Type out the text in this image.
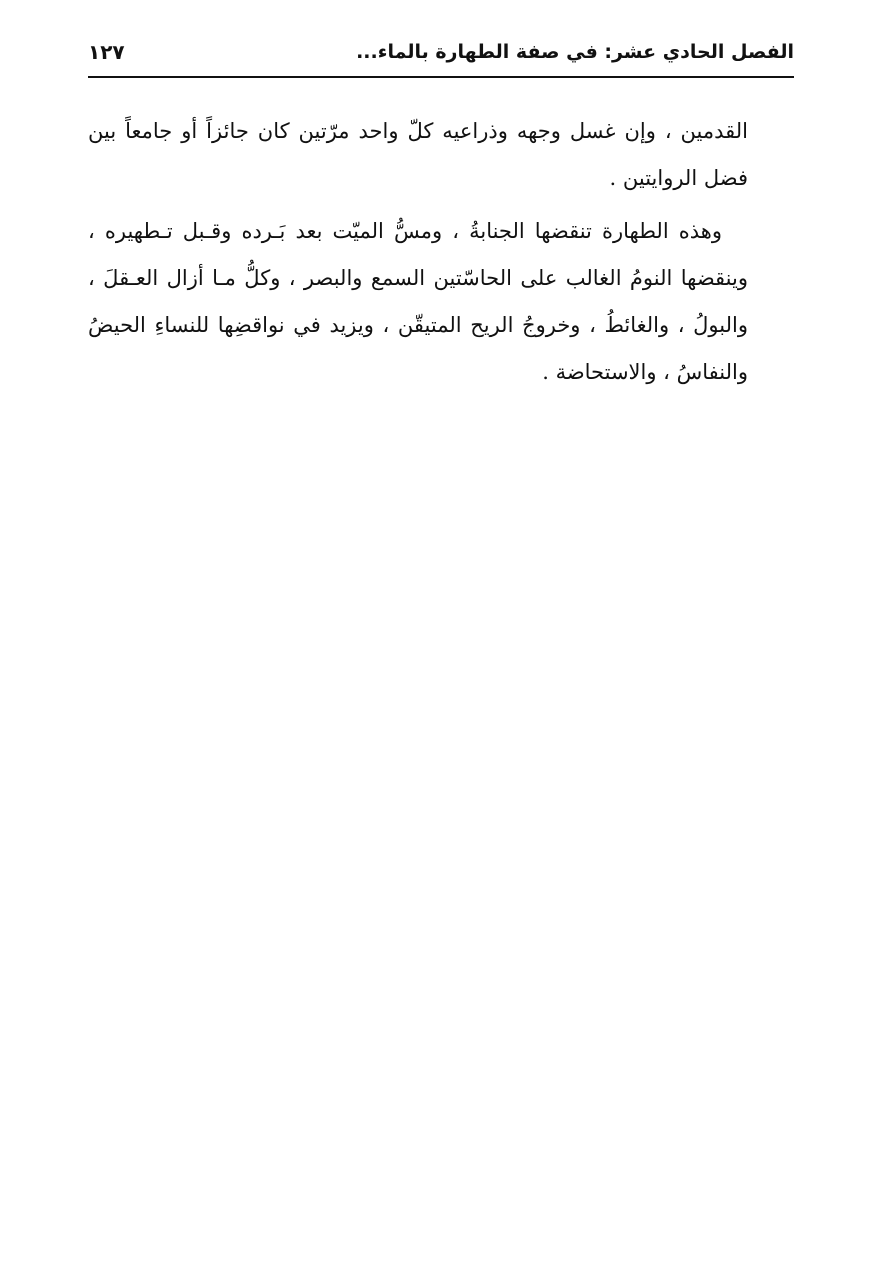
الفصل الحادي عشر: في صفة الطهارة بالماء...
١٢٧
القدمين ، وإن غسل وجهه وذراعيه كلّ واحد مرّتين كان جائزاً أو جامعاً بين
فضل الروايتين .
وهذه الطهارة تنقضها الجنابةُ ، ومسُّ الميّت بعد بَـرده وقـبل تـطهيره ،
وينقضها النومُ الغالب على الحاسّتين السمع والبصر ، وكلُّ مـا أزال العـقلَ ،
والبولُ ، والغائطُ ، وخروجُ الريح المتيقّن ، ويزيد في نواقضِها للنساءِ الحيضُ
والنفاسُ ، والاستحاضة .
